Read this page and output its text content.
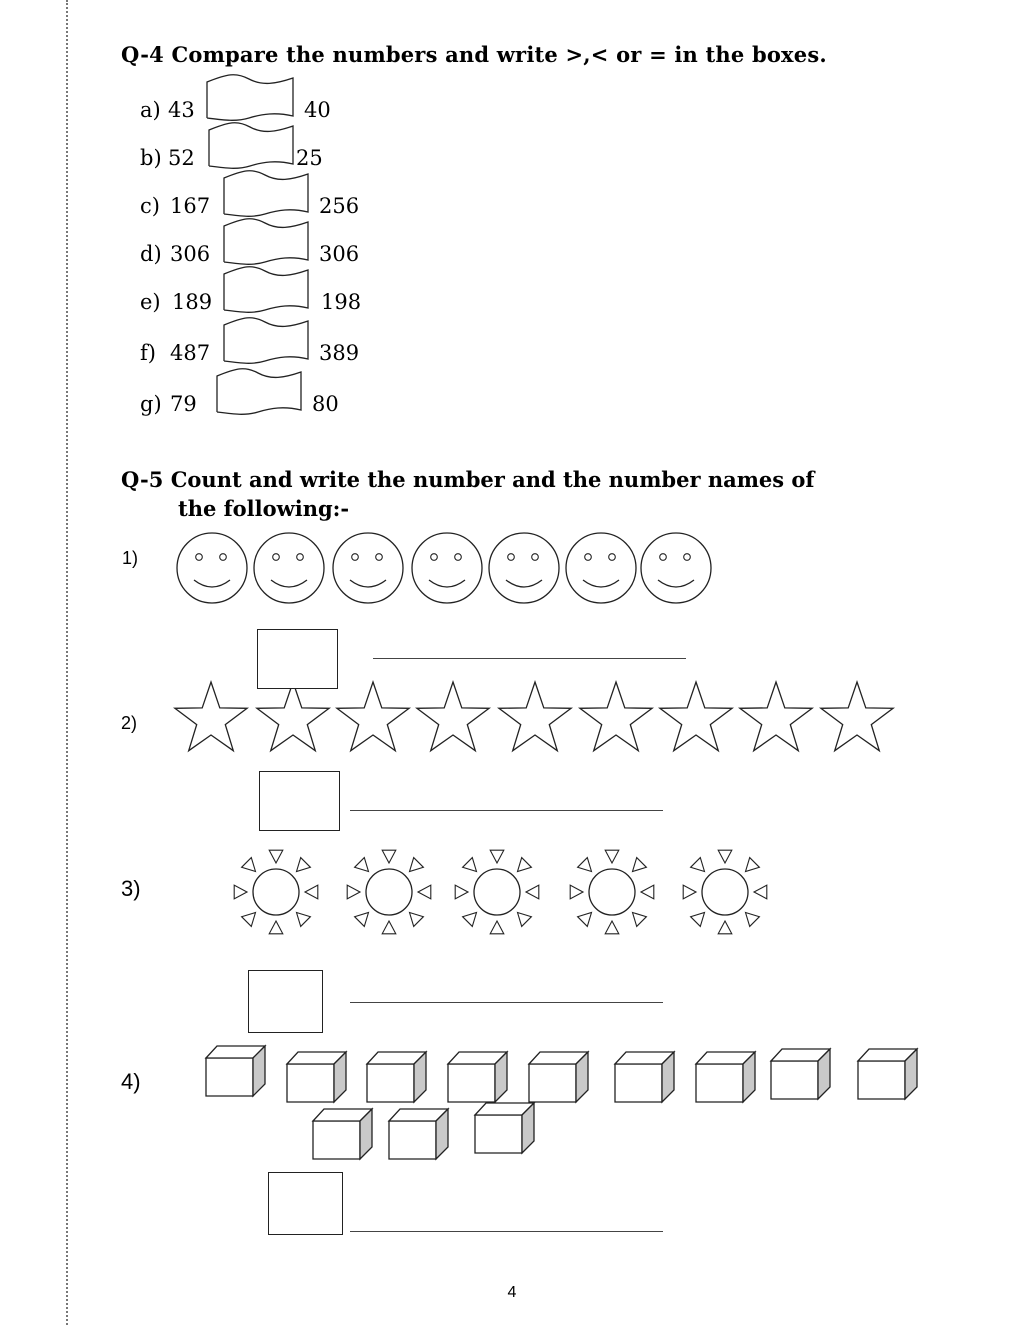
Q-4 Compare the numbers and write >,< or = in the boxes.
a) 43	40
b) 52	25
c) 167	256
d) 306	306
e) 189	198
f) 487	389
g) 79	80
Q-5 Count and write the number and the number names of
the following:-
1)
2)
3)
4)
4
